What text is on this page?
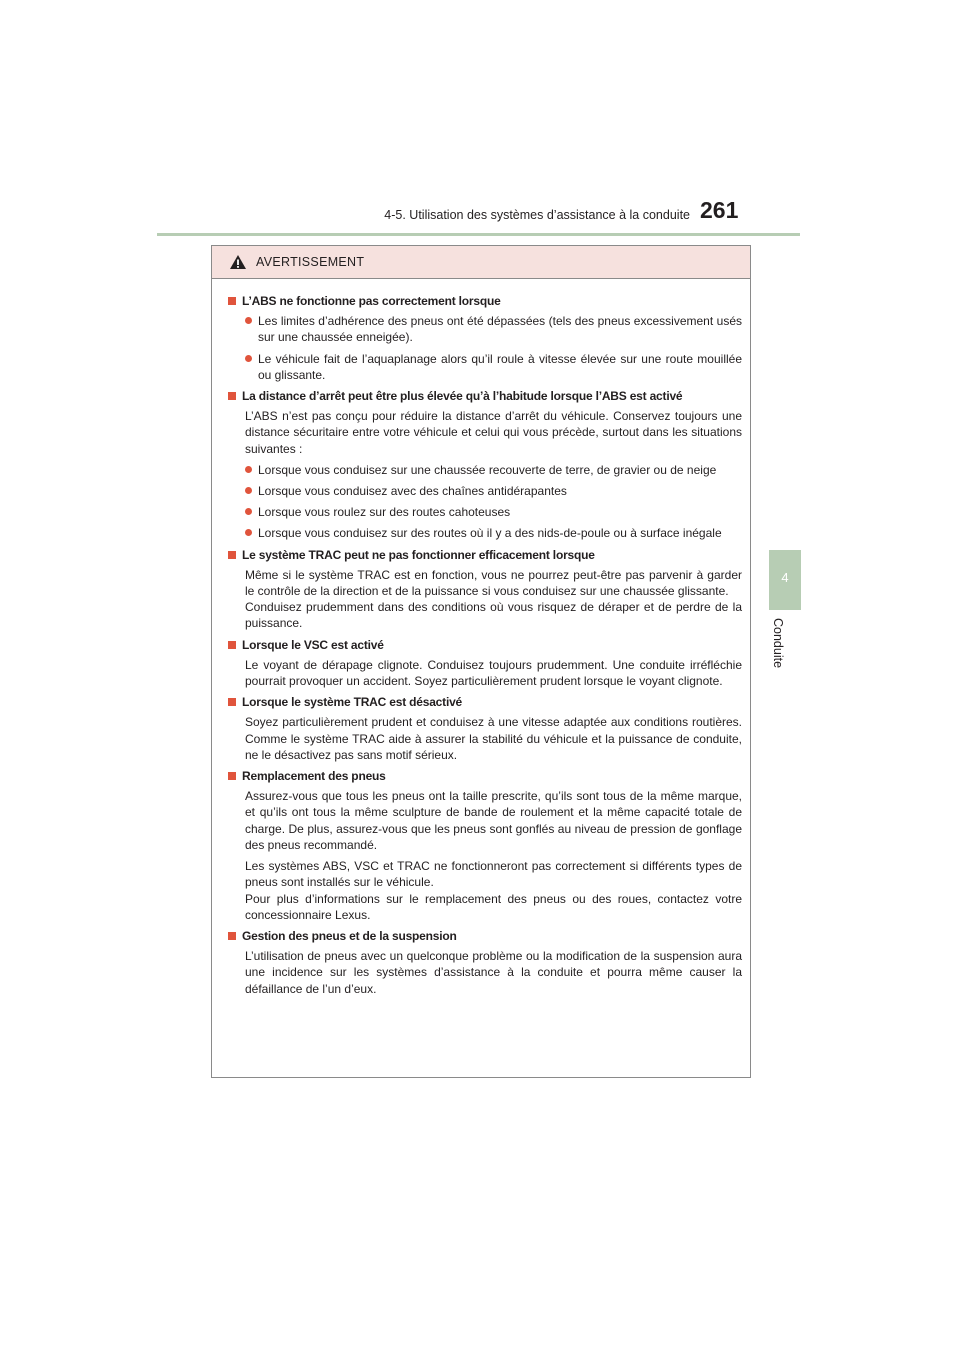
4-5. Utilisation des systèmes d’assistance à la conduite 261
4
Conduite
AVERTISSEMENT
L’ABS ne fonctionne pas correctement lorsque
Les limites d’adhérence des pneus ont été dépassées (tels des pneus excessivement usés sur une chaussée enneigée).
Le véhicule fait de l’aquaplanage alors qu’il roule à vitesse élevée sur une route mouillée ou glissante.
La distance d’arrêt peut être plus élevée qu’à l’habitude lorsque l’ABS est activé
L’ABS n’est pas conçu pour réduire la distance d’arrêt du véhicule. Conservez toujours une distance sécuritaire entre votre véhicule et celui qui vous précède, surtout dans les situations suivantes :
Lorsque vous conduisez sur une chaussée recouverte de terre, de gravier ou de neige
Lorsque vous conduisez avec des chaînes antidérapantes
Lorsque vous roulez sur des routes cahoteuses
Lorsque vous conduisez sur des routes où il y a des nids-de-poule ou à surface inégale
Le système TRAC peut ne pas fonctionner efficacement lorsque
Même si le système TRAC est en fonction, vous ne pourrez peut-être pas parvenir à garder le contrôle de la direction et de la puissance si vous conduisez sur une chaussée glissante.
Conduisez prudemment dans des conditions où vous risquez de déraper et de perdre de la puissance.
Lorsque le VSC est activé
Le voyant de dérapage clignote. Conduisez toujours prudemment. Une conduite irréfléchie pourrait provoquer un accident. Soyez particulièrement prudent lorsque le voyant clignote.
Lorsque le système TRAC est désactivé
Soyez particulièrement prudent et conduisez à une vitesse adaptée aux conditions routières. Comme le système TRAC aide à assurer la stabilité du véhicule et la puissance de conduite, ne le désactivez pas sans motif sérieux.
Remplacement des pneus
Assurez-vous que tous les pneus ont la taille prescrite, qu’ils sont tous de la même marque, et qu’ils ont tous la même sculpture de bande de roulement et la même capacité totale de charge. De plus, assurez-vous que les pneus sont gonflés au niveau de pression de gonflage des pneus recommandé.
Les systèmes ABS, VSC et TRAC ne fonctionneront pas correctement si différents types de pneus sont installés sur le véhicule.
Pour plus d’informations sur le remplacement des pneus ou des roues, contactez votre concessionnaire Lexus.
Gestion des pneus et de la suspension
L’utilisation de pneus avec un quelconque problème ou la modification de la suspension aura une incidence sur les systèmes d’assistance à la conduite et pourra même causer la défaillance de l’un d’eux.
